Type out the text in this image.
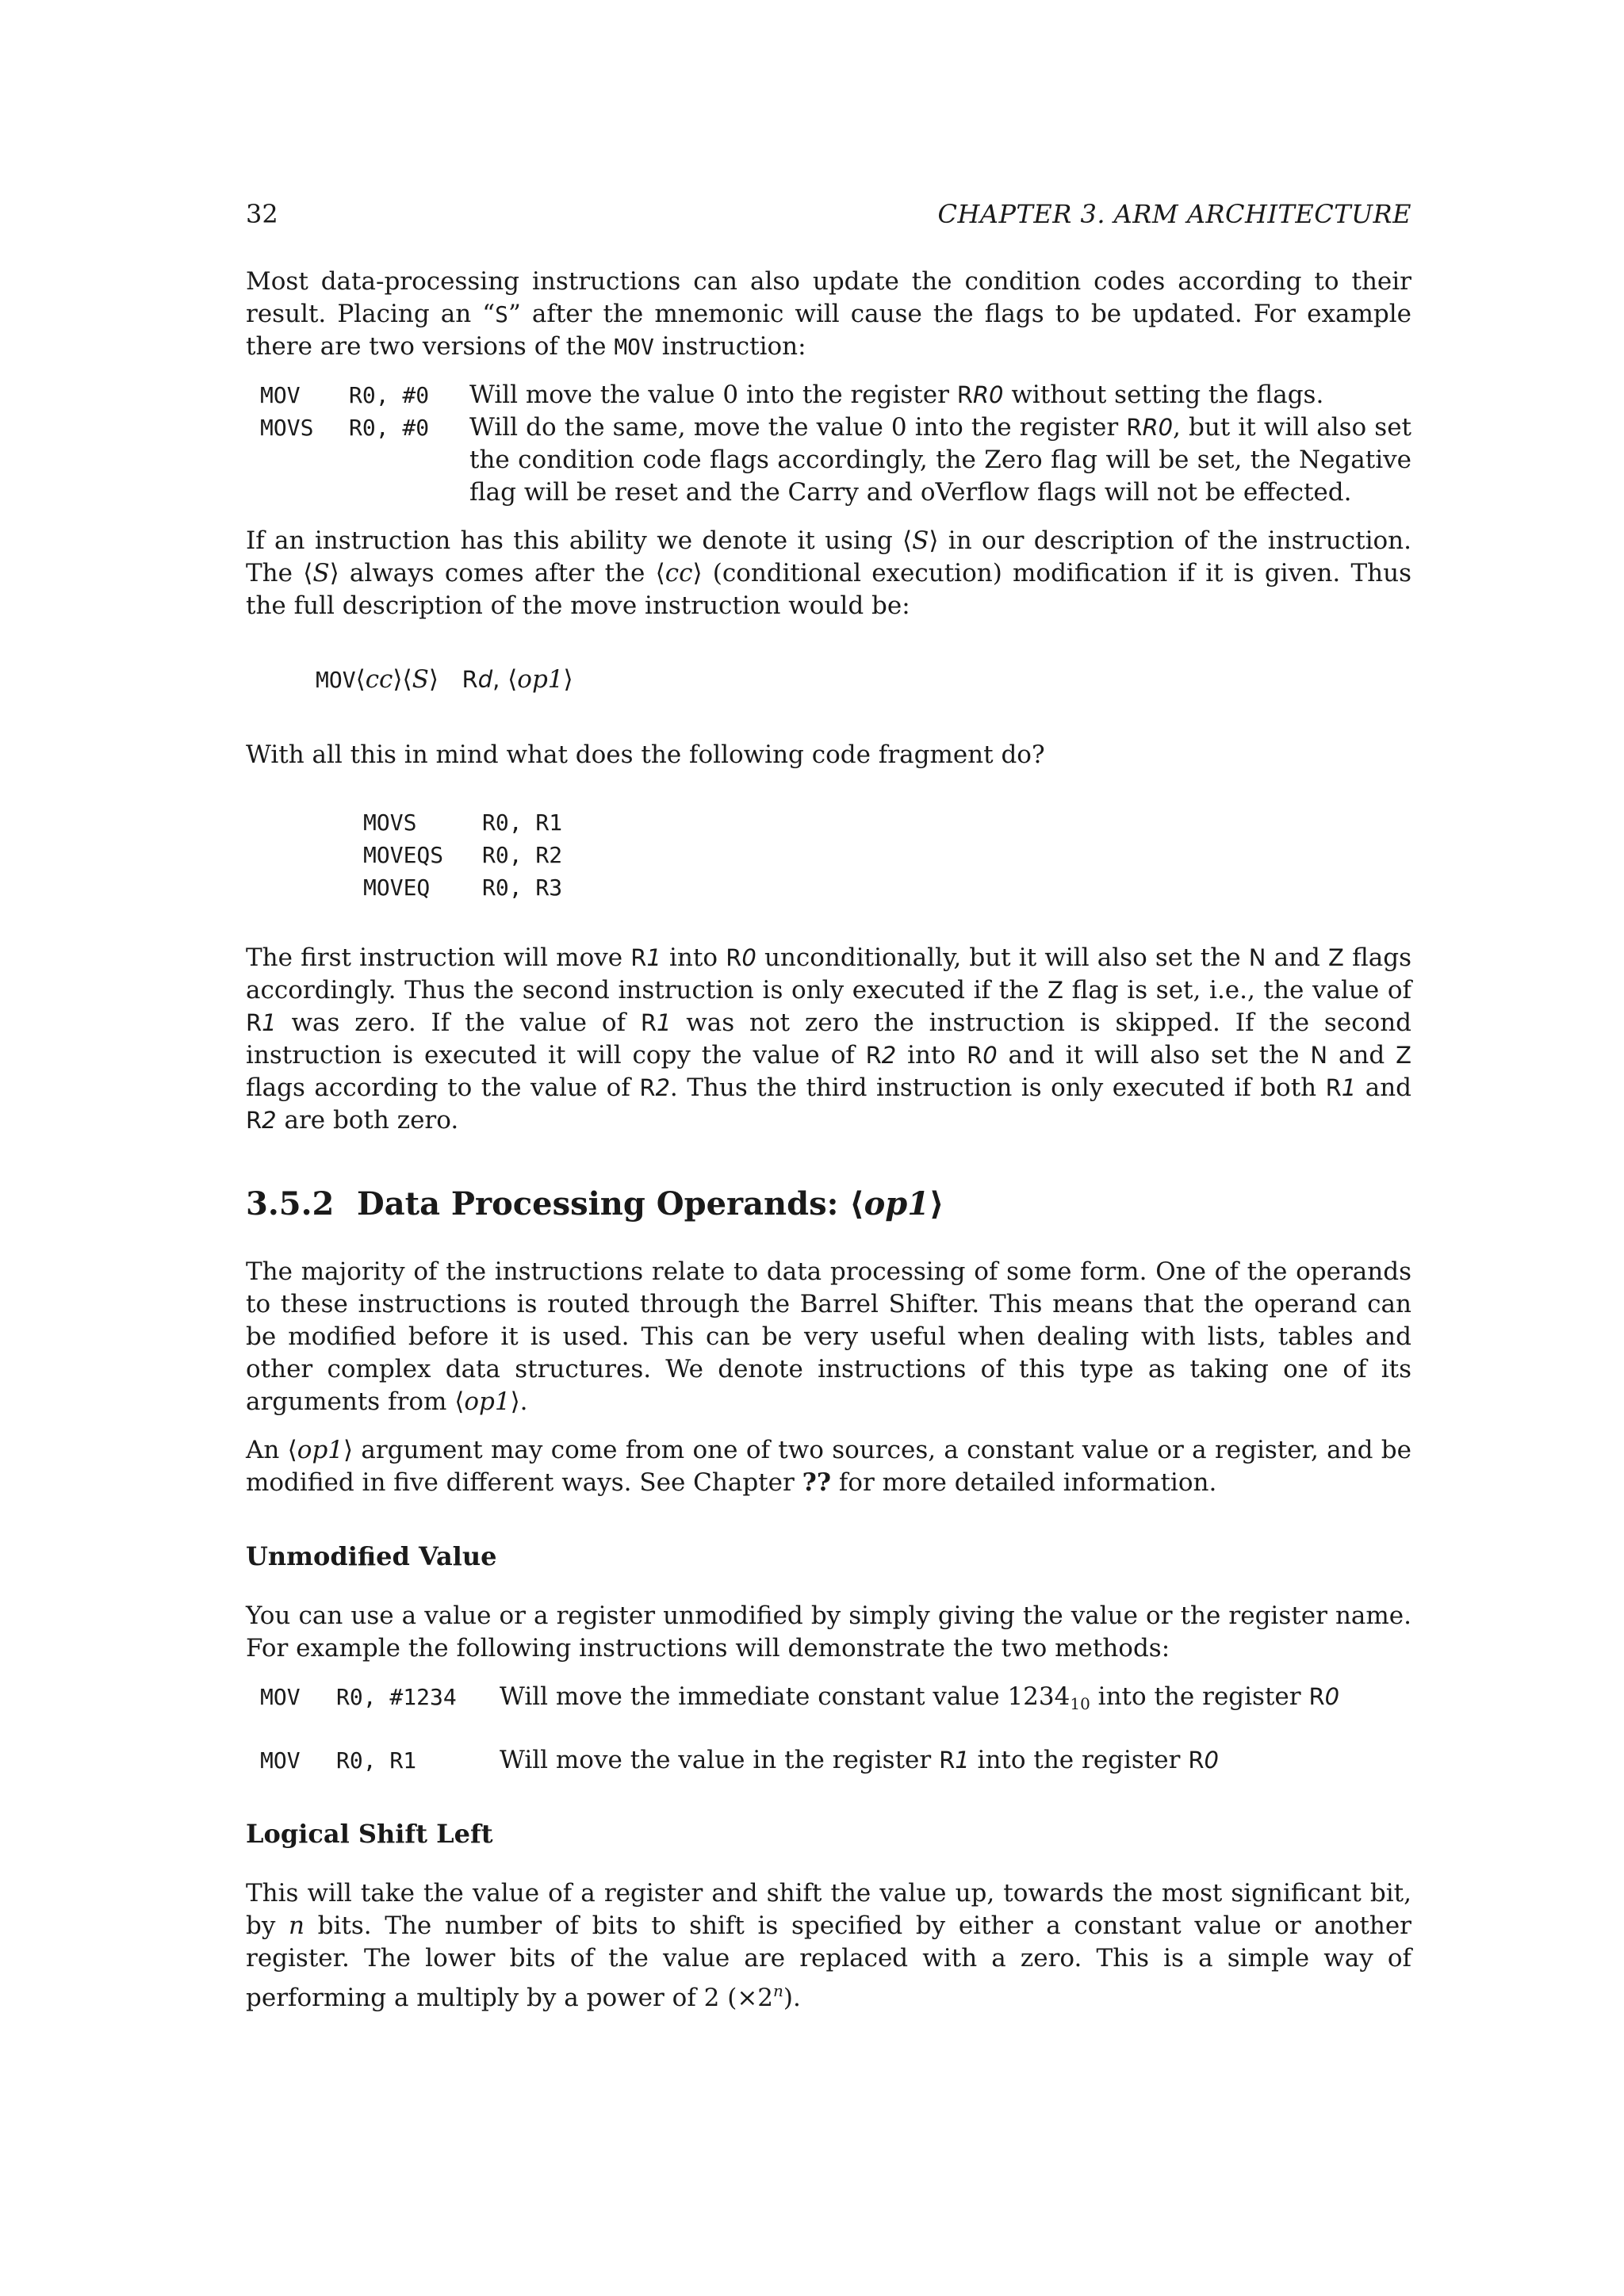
32	CHAPTER 3. ARM ARCHITECTURE

Most data-processing instructions can also update the condition codes according to their result. Placing an “S” after the mnemonic will cause the flags to be updated. For example there are two versions of the MOV instruction:

MOV	R0, #0	Will move the value 0 into the register RR0 without setting the flags.
MOVS	R0, #0	Will do the same, move the value 0 into the register RR0, but it will also set the condition code flags accordingly, the Zero flag will be set, the Negative flag will be reset and the Carry and oVerflow flags will not be effected.

If an instruction has this ability we denote it using ⟨S⟩ in our description of the instruction. The ⟨S⟩ always comes after the ⟨cc⟩ (conditional execution) modification if it is given. Thus the full description of the move instruction would be:

MOV⟨cc⟩⟨S⟩   Rd, ⟨op1⟩

With all this in mind what does the following code fragment do?

MOVS	R0, R1
MOVEQS	R0, R2
MOVEQ	R0, R3

The first instruction will move R1 into R0 unconditionally, but it will also set the N and Z flags accordingly. Thus the second instruction is only executed if the Z flag is set, i.e., the value of R1 was zero. If the value of R1 was not zero the instruction is skipped. If the second instruction is executed it will copy the value of R2 into R0 and it will also set the N and Z flags according to the value of R2. Thus the third instruction is only executed if both R1 and R2 are both zero.

3.5.2 Data Processing Operands: ⟨op1⟩

The majority of the instructions relate to data processing of some form. One of the operands to these instructions is routed through the Barrel Shifter. This means that the operand can be modified before it is used. This can be very useful when dealing with lists, tables and other complex data structures. We denote instructions of this type as taking one of its arguments from ⟨op1⟩.

An ⟨op1⟩ argument may come from one of two sources, a constant value or a register, and be modified in five different ways. See Chapter ?? for more detailed information.

Unmodified Value

You can use a value or a register unmodified by simply giving the value or the register name. For example the following instructions will demonstrate the two methods:

MOV	R0, #1234	Will move the immediate constant value $1234_{10}$ into the register R0
MOV	R0, R1	Will move the value in the register R1 into the register R0
Logical Shift Left

This will take the value of a register and shift the value up, towards the most significant bit, by n bits. The number of bits to shift is specified by either a constant value or another register. The lower bits of the value are replaced with a zero. This is a simple way of performing a multiply by a power of 2 $(\times 2^n)$.
